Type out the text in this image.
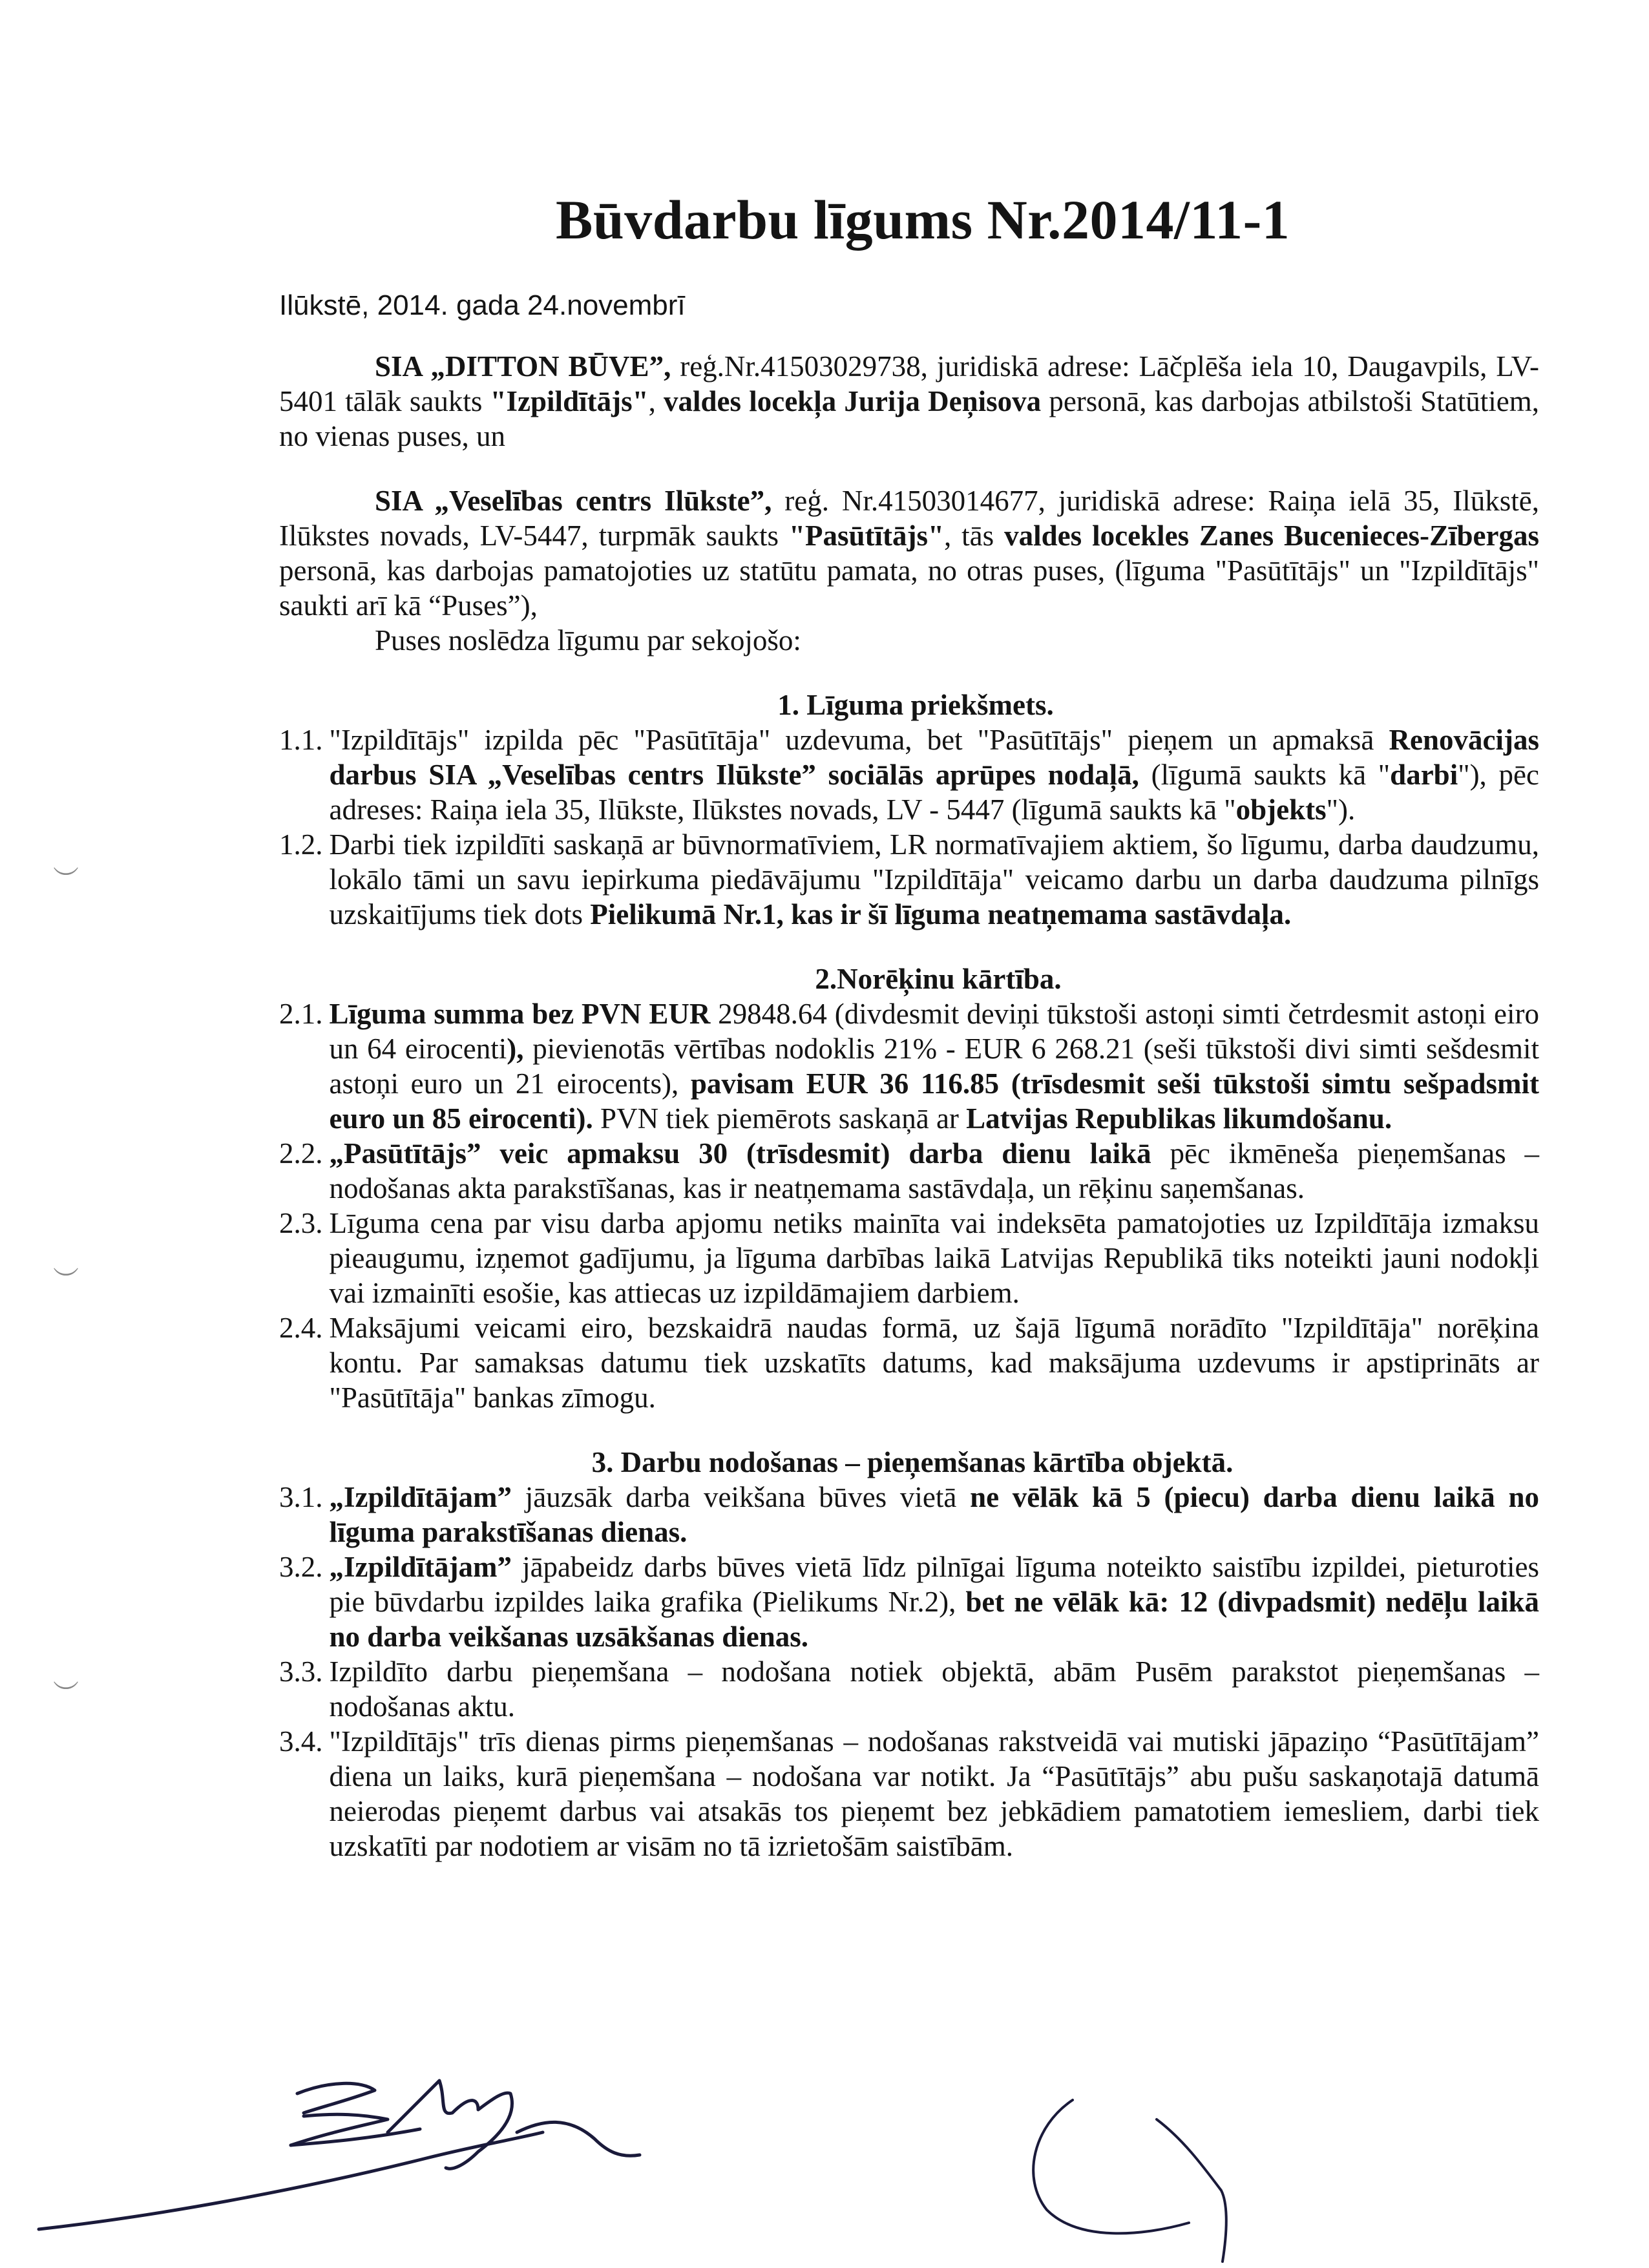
Būvdarbu līgums Nr.2014/11-1

Ilūkstē, 2014. gada 24.novembrī

SIA „DITTON BŪVE”, reģ.Nr.41503029738, juridiskā adrese: Lāčplēša iela 10, Daugavpils, LV-5401 tālāk saukts "Izpildītājs", valdes locekļa Jurija Deņisova personā, kas darbojas atbilstoši Statūtiem, no vienas puses, un

SIA „Veselības centrs Ilūkste”, reģ. Nr.41503014677, juridiskā adrese: Raiņa ielā 35, Ilūkstē, Ilūkstes novads, LV-5447, turpmāk saukts "Pasūtītājs", tās valdes locekles Zanes Bucenieces-Zībergas personā, kas darbojas pamatojoties uz statūtu pamata, no otras puses, (līguma "Pasūtītājs" un "Izpildītājs" saukti arī kā “Puses”),

Puses noslēdza līgumu par sekojošo:

1. Līguma priekšmets.

1.1. "Izpildītājs" izpilda pēc "Pasūtītāja" uzdevuma, bet "Pasūtītājs" pieņem un apmaksā Renovācijas darbus SIA „Veselības centrs Ilūkste” sociālās aprūpes nodaļā, (līgumā saukts kā "darbi"), pēc adreses: Raiņa iela 35, Ilūkste, Ilūkstes novads, LV - 5447 (līgumā saukts kā "objekts").
1.2. Darbi tiek izpildīti saskaņā ar būvnormatīviem, LR normatīvajiem aktiem, šo līgumu, darba daudzumu, lokālo tāmi un savu iepirkuma piedāvājumu "Izpildītāja" veicamo darbu un darba daudzuma pilnīgs uzskaitījums tiek dots Pielikumā Nr.1, kas ir šī līguma neatņemama sastāvdaļa.

2.Norēķinu kārtība.

2.1. Līguma summa bez PVN EUR 29848.64 (divdesmit deviņi tūkstoši astoņi simti četrdesmit astoņi eiro un 64 eirocenti), pievienotās vērtības nodoklis 21% - EUR 6 268.21 (seši tūkstoši divi simti sešdesmit astoņi euro un 21 eirocents), pavisam EUR 36 116.85 (trīsdesmit seši tūkstoši simtu sešpadsmit euro un 85 eirocenti). PVN tiek piemērots saskaņā ar Latvijas Republikas likumdošanu.
2.2. „Pasūtītājs” veic apmaksu 30 (trīsdesmit) darba dienu laikā pēc ikmēneša pieņemšanas – nodošanas akta parakstīšanas, kas ir neatņemama sastāvdaļa, un rēķinu saņemšanas.
2.3. Līguma cena par visu darba apjomu netiks mainīta vai indeksēta pamatojoties uz Izpildītāja izmaksu pieaugumu, izņemot gadījumu, ja līguma darbības laikā Latvijas Republikā tiks noteikti jauni nodokļi vai izmainīti esošie, kas attiecas uz izpildāmajiem darbiem.
2.4. Maksājumi veicami eiro, bezskaidrā naudas formā, uz šajā līgumā norādīto "Izpildītāja" norēķina kontu. Par samaksas datumu tiek uzskatīts datums, kad maksājuma uzdevums ir apstiprināts ar "Pasūtītāja" bankas zīmogu.

3. Darbu nodošanas – pieņemšanas kārtība objektā.

3.1. „Izpildītājam” jāuzsāk darba veikšana būves vietā ne vēlāk kā 5 (piecu) darba dienu laikā no līguma parakstīšanas dienas.
3.2. „Izpildītājam” jāpabeidz darbs būves vietā līdz pilnīgai līguma noteikto saistību izpildei, pieturoties pie būvdarbu izpildes laika grafika (Pielikums Nr.2), bet ne vēlāk kā: 12 (divpadsmit) nedēļu laikā no darba veikšanas uzsākšanas dienas.
3.3. Izpildīto darbu pieņemšana – nodošana notiek objektā, abām Pusēm parakstot pieņemšanas – nodošanas aktu.
3.4. "Izpildītājs" trīs dienas pirms pieņemšanas – nodošanas rakstveidā vai mutiski jāpaziņo “Pasūtītājam” diena un laiks, kurā pieņemšana – nodošana var notikt. Ja “Pasūtītājs” abu pušu saskaņotajā datumā neierodas pieņemt darbus vai atsakās tos pieņemt bez jebkādiem pamatotiem iemesliem, darbi tiek uzskatīti par nodotiem ar visām no tā izrietošām saistībām.
︶
︶
︶
